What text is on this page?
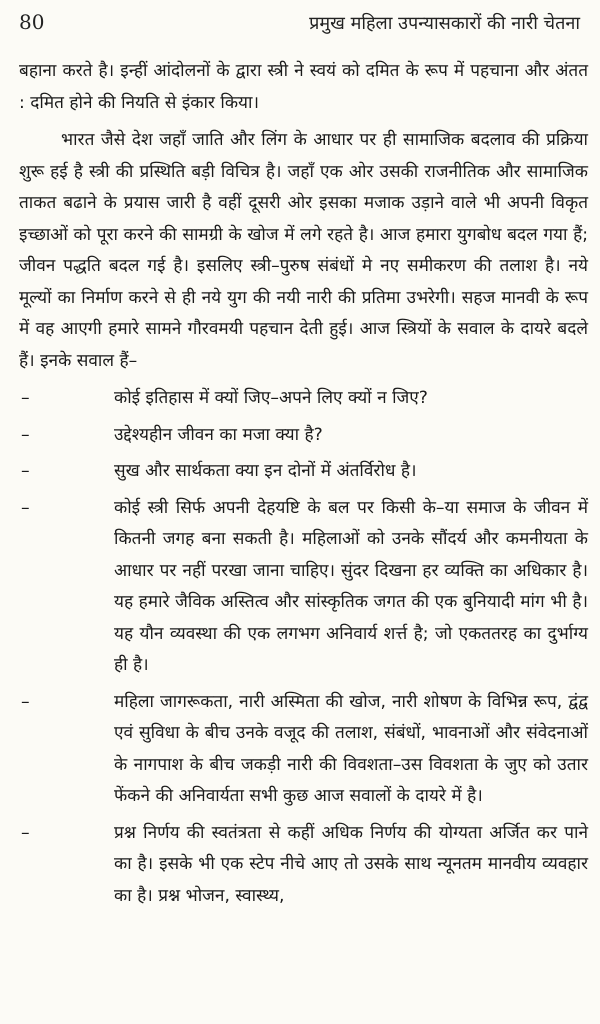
80	प्रमुख महिला उपन्यासकारों की नारी चेतना

बहाना करते है। इन्हीं आंदोलनों के द्वारा स्त्री ने स्वयं को दमित के रूप में पहचाना और अंतत : दमित होने की नियति से इंकार किया।

भारत जैसे देश जहाँ जाति और लिंग के आधार पर ही सामाजिक बदलाव की प्रक्रिया शुरू हई है स्त्री की प्रस्थिति बड़ी विचित्र है। जहाँ एक ओर उसकी राजनीतिक और सामाजिक ताकत बढाने के प्रयास जारी है वहीं दूसरी ओर इसका मजाक उड़ाने वाले भी अपनी विकृत इच्छाओं को पूरा करने की सामग्री के खोज में लगे रहते है। आज हमारा युगबोध बदल गया हैं; जीवन पद्धति बदल गई है। इसलिए स्त्री–पुरुष संबंधों मे नए समीकरण की तलाश है। नये मूल्यों का निर्माण करने से ही नये युग की नयी नारी की प्रतिमा उभरेगी। सहज मानवी के रूप में वह आएगी हमारे सामने गौरवमयी पहचान देती हुई। आज स्त्रियों के सवाल के दायरे बदले हैं। इनके सवाल हैं–

–	कोई इतिहास में क्यों जिए–अपने लिए क्यों न जिए?
–	उद्देश्यहीन जीवन का मजा क्या है?
–	सुख और सार्थकता क्या इन दोनों में अंतर्विरोध है।
–	कोई स्त्री सिर्फ अपनी देहयष्टि के बल पर किसी के–या समाज के जीवन में कितनी जगह बना सकती है। महिलाओं को उनके सौंदर्य और कमनीयता के आधार पर नहीं परखा जाना चाहिए। सुंदर दिखना हर व्यक्ति का अधिकार है। यह हमारे जैविक अस्तित्व और सांस्कृतिक जगत की एक बुनियादी मांग भी है। यह यौन व्यवस्था की एक लगभग अनिवार्य शर्त्त है; जो एकततरह का दुर्भाग्य ही है।
–	महिला जागरूकता, नारी अस्मिता की खोज, नारी शोषण के विभिन्न रूप, द्वंद्व एवं सुविधा के बीच उनके वजूद की तलाश, संबंधों, भावनाओं और संवेदनाओं के नागपाश के बीच जकड़ी नारी की विवशता–उस विवशता के जुए को उतार फेंकने की अनिवार्यता सभी कुछ आज सवालों के दायरे में है।
–	प्रश्न निर्णय की स्वतंत्रता से कहीं अधिक निर्णय की योग्यता अर्जित कर पाने का है। इसके भी एक स्टेप नीचे आए तो उसके साथ न्यूनतम मानवीय व्यवहार का है। प्रश्न भोजन, स्वास्थ्य,
